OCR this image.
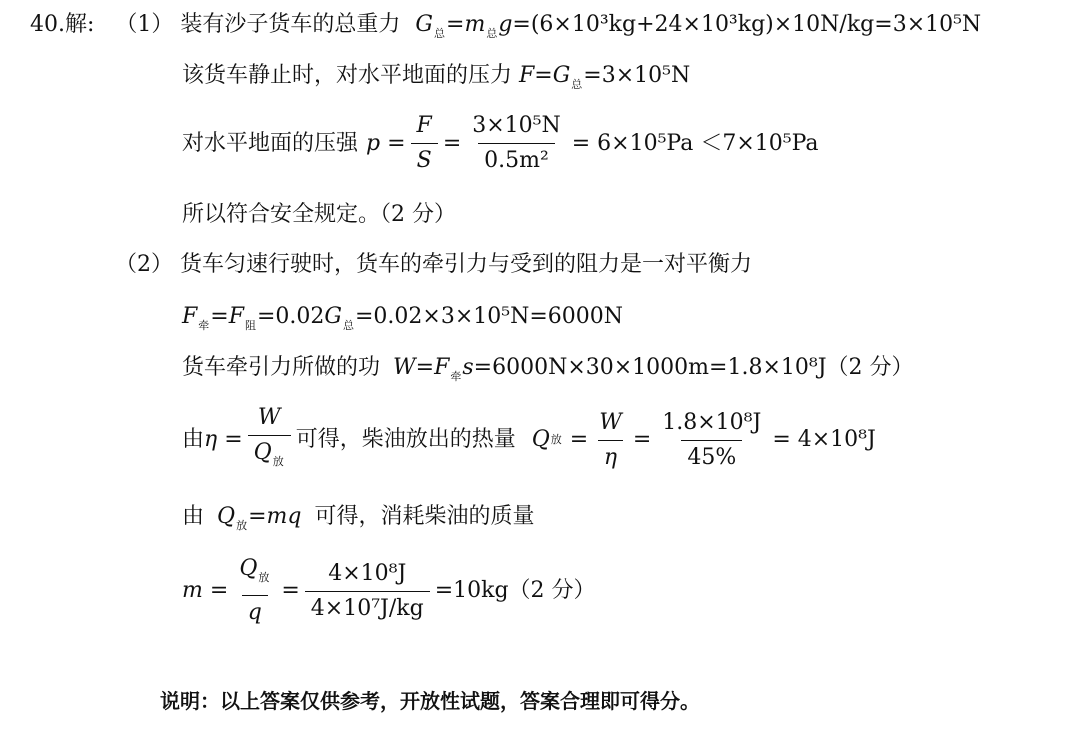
40.解: （1） 装有沙子货车的总重力 $G_总=m_总g=(6\times 10^3kg+24\times 10^3kg)\times 10N/kg=3\times 10^5N$
该货车静止时，对水平地面的压力 $F=G_总=3\times 10^5N$
对水平地面的压强 $p = \frac{F}{S} = \frac{\text{3×10⁵N}}{\text{0.5m²}} = 6\times 10^5Pa <7\times 10^5Pa$
所以符合安全规定。（2 分）
（2） 货车匀速行驶时，货车的牵引力与受到的阻力是一对平衡力
$F_牵=F_阻=0.02G_总=0.02\times 3\times 10^5N=6000N$
货车牵引力所做的功 $W=F_牵s=6000N\times 30\times 1000m=1.8\times 10^8J(2$ 分）
由 $\eta = \frac{W}{Q_放}$ 可得，柴油放出的热量 Q 放 = $\frac{W}{\eta} = \frac{\text{1.8×10⁸J}}{45\%} = 4\times 10^8J$
由 $Q_放=mq$ 可得，消耗柴油的质量
$m = \frac{Q_放}{q} = \frac{\text{4×10⁸J}}{\text{4×10⁷J/kg}} =10kg(2$ 分）
说明：以上答案仅供参考，开放性试题，答案合理即可得分。
